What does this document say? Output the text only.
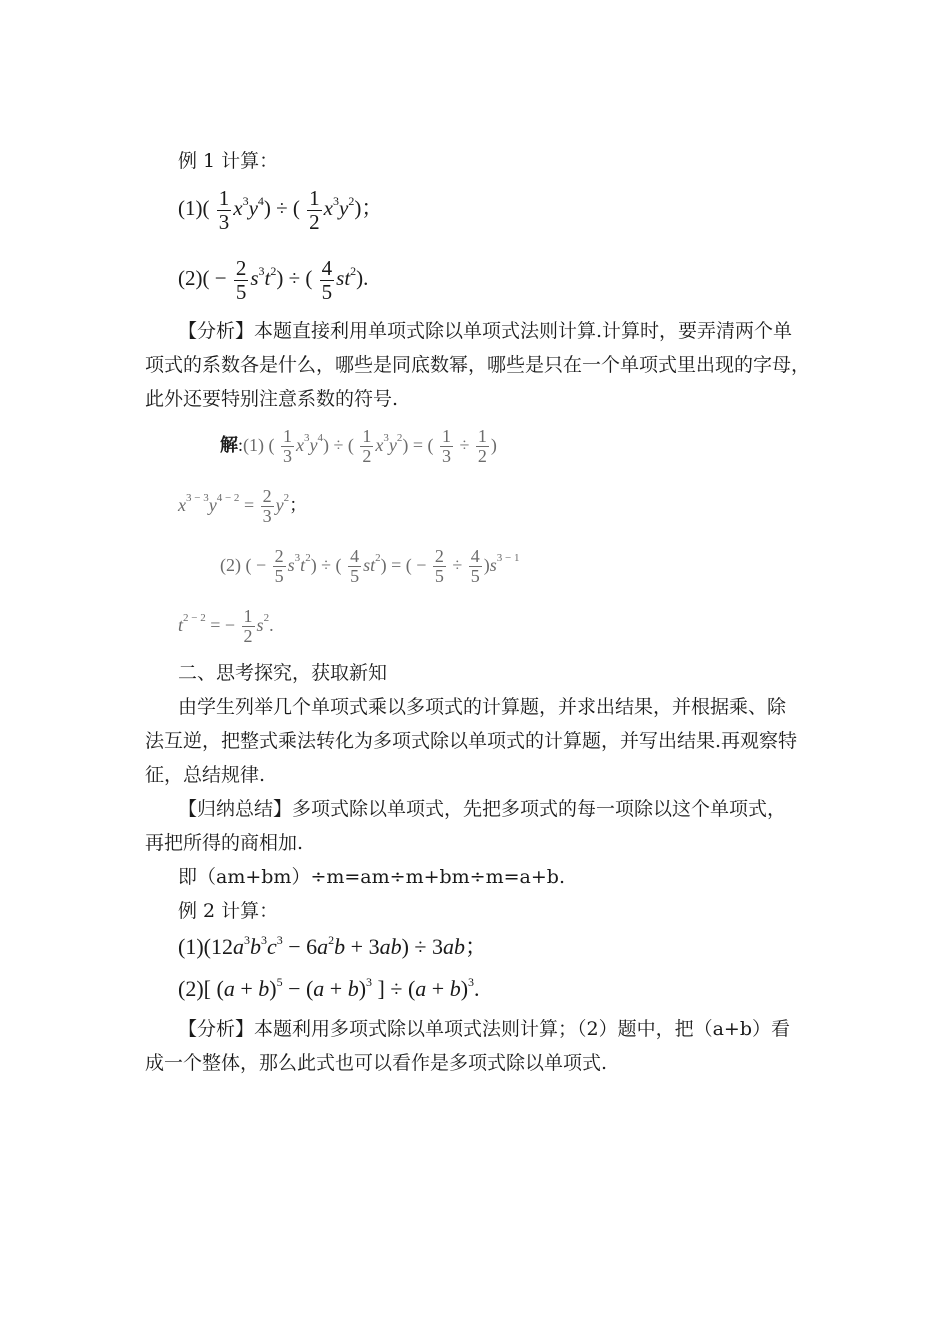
例 1 计算：
$(1)( \frac{1}{3} x^3y^4)$ ÷ ( $\frac{1}{2} x^3y^2$)；
$(2)( - \frac{2}{5} s^3t^2)$ ÷ ( $\frac{4}{5} st^2$).
【分析】本题直接利用单项式除以单项式法则计算.计算时，要弄清两个单
项式的系数各是什么，哪些是同底数幂，哪些是只在一个单项式里出现的字母，
此外还要特别注意系数的符号.
解:(1) ( $\frac{1}{3} x^3y^4$) ÷ ( $\frac{1}{2} x^3y^2$) = ( $\frac{1}{3} \div \frac{1}{2}$ )
$x^{3 - 3}y^{4 - 2} = \frac{2}{3} y^2$；
(2) ( − $\frac{2}{5} s^3t^2$) ÷ ( $\frac{4}{5} st^2$) = ( − $\frac{2}{5} \div \frac{4}{5} )s^{3 - 1}$
$t^{2 - 2}$ = − $\frac{1}{2} s^2$.
二、思考探究，获取新知
由学生列举几个单项式乘以多项式的计算题，并求出结果，并根据乘、除
法互逆，把整式乘法转化为多项式除以单项式的计算题，并写出结果.再观察特
征，总结规律.
【归纳总结】多项式除以单项式，先把多项式的每一项除以这个单项式，
再把所得的商相加.
即（am+bm）÷m=am÷m+bm÷m=a+b.
例 2 计算：
$(1)(12a^3b^3c^3 - 6a^2b + 3ab) \div 3ab$；
(2)[ $(a + b)^5 - (a + b)^3$ ] ÷ $(a + b)^3$.
【分析】本题利用多项式除以单项式法则计算；（2）题中，把（a+b）看
成一个整体，那么此式也可以看作是多项式除以单项式.
